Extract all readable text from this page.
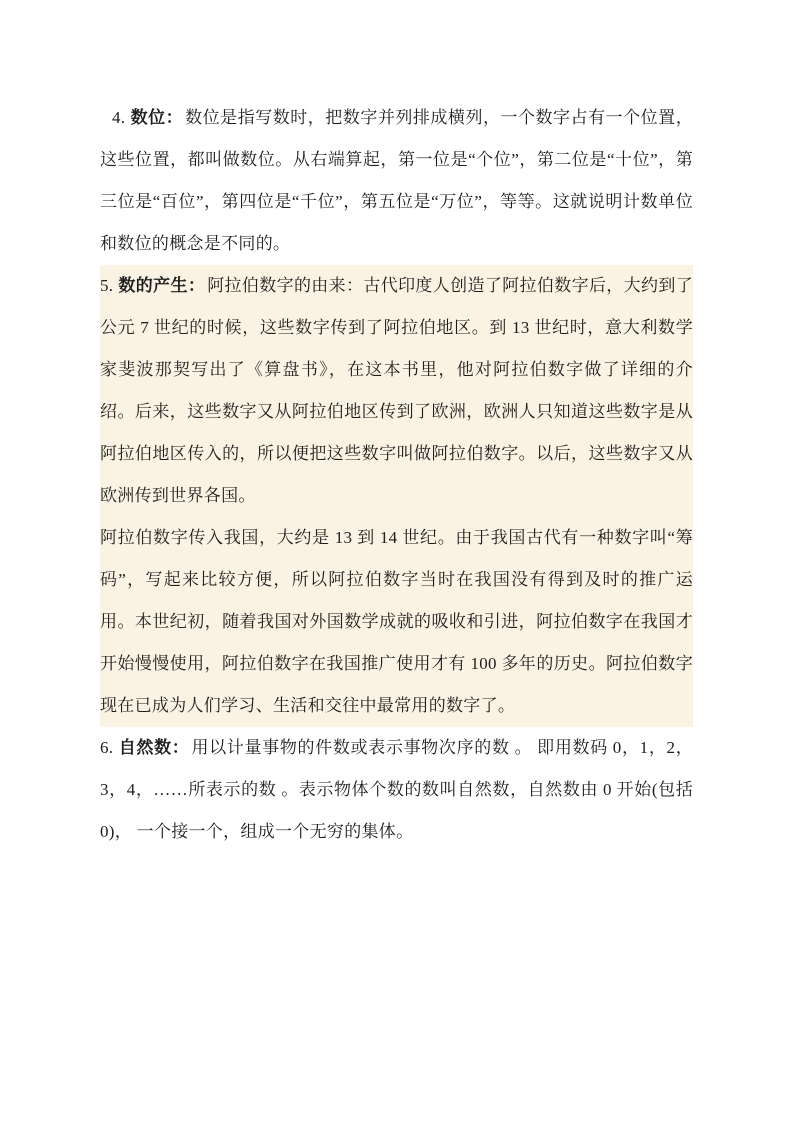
4. 数位： 数位是指写数时，把数字并列排成横列，一个数字占有一个位置，这些位置，都叫做数位。从右端算起，第一位是“个位”，第二位是“十位”，第三位是“百位”，第四位是“千位”，第五位是“万位”，等等。这就说明计数单位和数位的概念是不同的。

5. 数的产生： 阿拉伯数字的由来：古代印度人创造了阿拉伯数字后，大约到了公元 7 世纪的时候，这些数字传到了阿拉伯地区。到 13 世纪时，意大利数学家斐波那契写出了《算盘书》，在这本书里，他对阿拉伯数字做了详细的介绍。后来，这些数字又从阿拉伯地区传到了欧洲，欧洲人只知道这些数字是从阿拉伯地区传入的，所以便把这些数字叫做阿拉伯数字。以后，这些数字又从欧洲传到世界各国。

阿拉伯数字传入我国，大约是 13 到 14 世纪。由于我国古代有一种数字叫“筹码”，写起来比较方便，所以阿拉伯数字当时在我国没有得到及时的推广运用。本世纪初，随着我国对外国数学成就的吸收和引进，阿拉伯数字在我国才开始慢慢使用，阿拉伯数字在我国推广使用才有 100 多年的历史。阿拉伯数字现在已成为人们学习、生活和交往中最常用的数字了。

6. 自然数： 用以计量事物的件数或表示事物次序的数 。 即用数码 0，1，2，3，4，……所表示的数 。表示物体个数的数叫自然数，自然数由 0 开始(包括 0)， 一个接一个，组成一个无穷的集体。
